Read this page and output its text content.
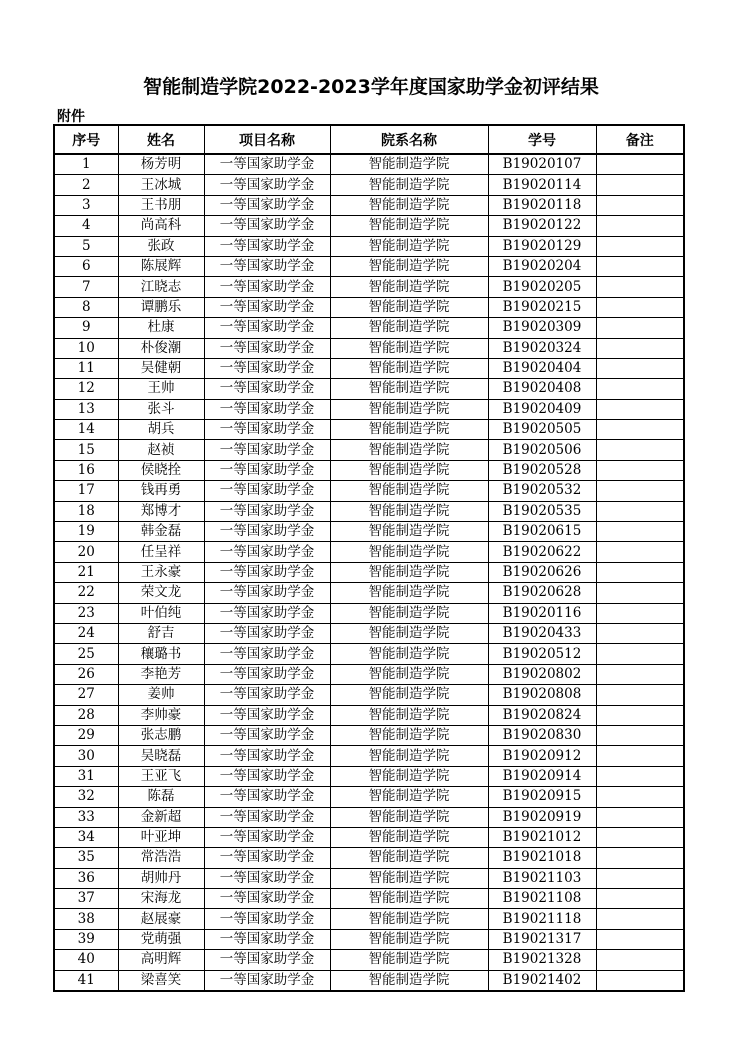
智能制造学院2022-2023学年度国家助学金初评结果
附件
序号	姓名	项目名称	院系名称	学号	备注
1	杨芳明	一等国家助学金	智能制造学院	B19020107	
2	王冰城	一等国家助学金	智能制造学院	B19020114	
3	王书朋	一等国家助学金	智能制造学院	B19020118	
4	尚高科	一等国家助学金	智能制造学院	B19020122	
5	张政	一等国家助学金	智能制造学院	B19020129	
6	陈展辉	一等国家助学金	智能制造学院	B19020204	
7	江晓志	一等国家助学金	智能制造学院	B19020205	
8	谭鹏乐	一等国家助学金	智能制造学院	B19020215	
9	杜康	一等国家助学金	智能制造学院	B19020309	
10	朴俊潮	一等国家助学金	智能制造学院	B19020324	
11	吴健朝	一等国家助学金	智能制造学院	B19020404	
12	王帅	一等国家助学金	智能制造学院	B19020408	
13	张斗	一等国家助学金	智能制造学院	B19020409	
14	胡兵	一等国家助学金	智能制造学院	B19020505	
15	赵祯	一等国家助学金	智能制造学院	B19020506	
16	侯晓拴	一等国家助学金	智能制造学院	B19020528	
17	钱再勇	一等国家助学金	智能制造学院	B19020532	
18	郑博才	一等国家助学金	智能制造学院	B19020535	
19	韩金磊	一等国家助学金	智能制造学院	B19020615	
20	任呈祥	一等国家助学金	智能制造学院	B19020622	
21	王永豪	一等国家助学金	智能制造学院	B19020626	
22	荣文龙	一等国家助学金	智能制造学院	B19020628	
23	叶伯纯	一等国家助学金	智能制造学院	B19020116	
24	舒吉	一等国家助学金	智能制造学院	B19020433	
25	穰璐书	一等国家助学金	智能制造学院	B19020512	
26	李艳芳	一等国家助学金	智能制造学院	B19020802	
27	姜帅	一等国家助学金	智能制造学院	B19020808	
28	李帅豪	一等国家助学金	智能制造学院	B19020824	
29	张志鹏	一等国家助学金	智能制造学院	B19020830	
30	吴晓磊	一等国家助学金	智能制造学院	B19020912	
31	王亚飞	一等国家助学金	智能制造学院	B19020914	
32	陈磊	一等国家助学金	智能制造学院	B19020915	
33	金新超	一等国家助学金	智能制造学院	B19020919	
34	叶亚坤	一等国家助学金	智能制造学院	B19021012	
35	常浩浩	一等国家助学金	智能制造学院	B19021018	
36	胡帅丹	一等国家助学金	智能制造学院	B19021103	
37	宋海龙	一等国家助学金	智能制造学院	B19021108	
38	赵展豪	一等国家助学金	智能制造学院	B19021118	
39	党萌强	一等国家助学金	智能制造学院	B19021317	
40	高明辉	一等国家助学金	智能制造学院	B19021328	
41	梁喜笑	一等国家助学金	智能制造学院	B19021402	
